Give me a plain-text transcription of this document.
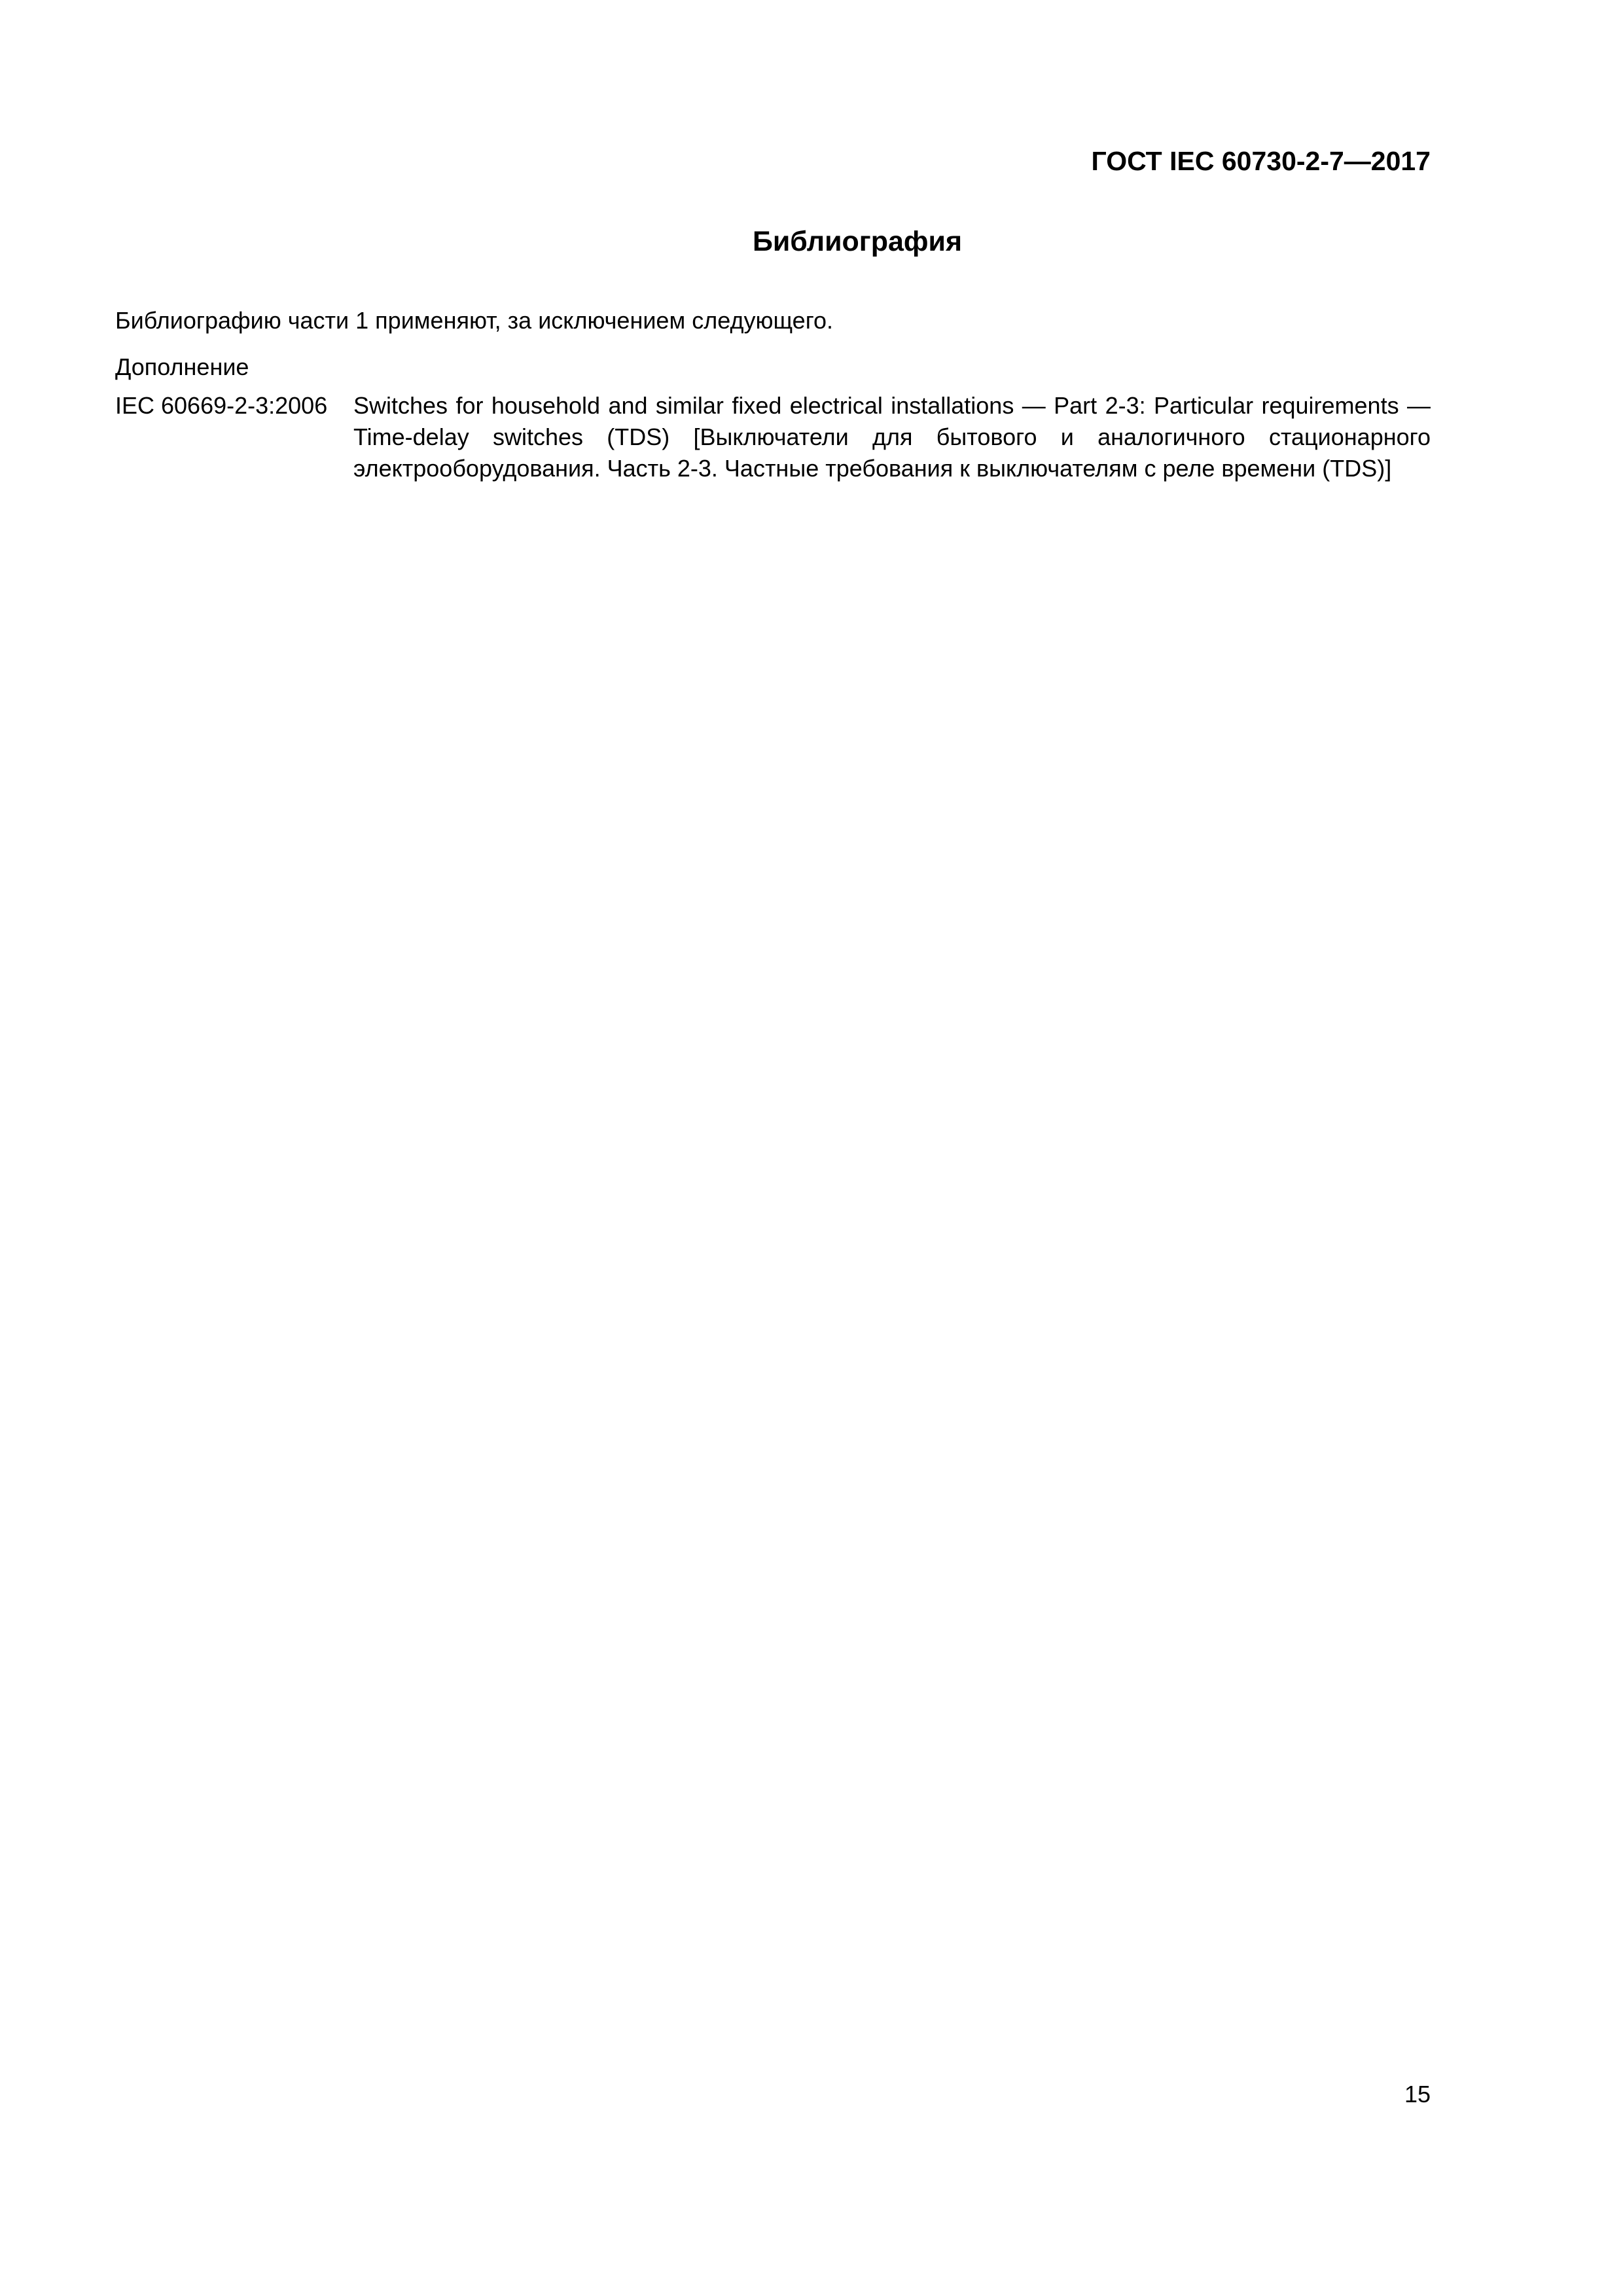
ГОСТ IEC 60730-2-7—2017
Библиография
Библиографию части 1 применяют, за исключением следующего.
Дополнение
IEC 60669-2-3:2006 Switches for household and similar fixed electrical installations — Part 2-3: Particular requirements — Time-delay switches (TDS) [Выключатели для бытового и аналогичного стационарного электрооборудования. Часть 2-3. Частные требования к выключателям с реле времени (TDS)]
15
